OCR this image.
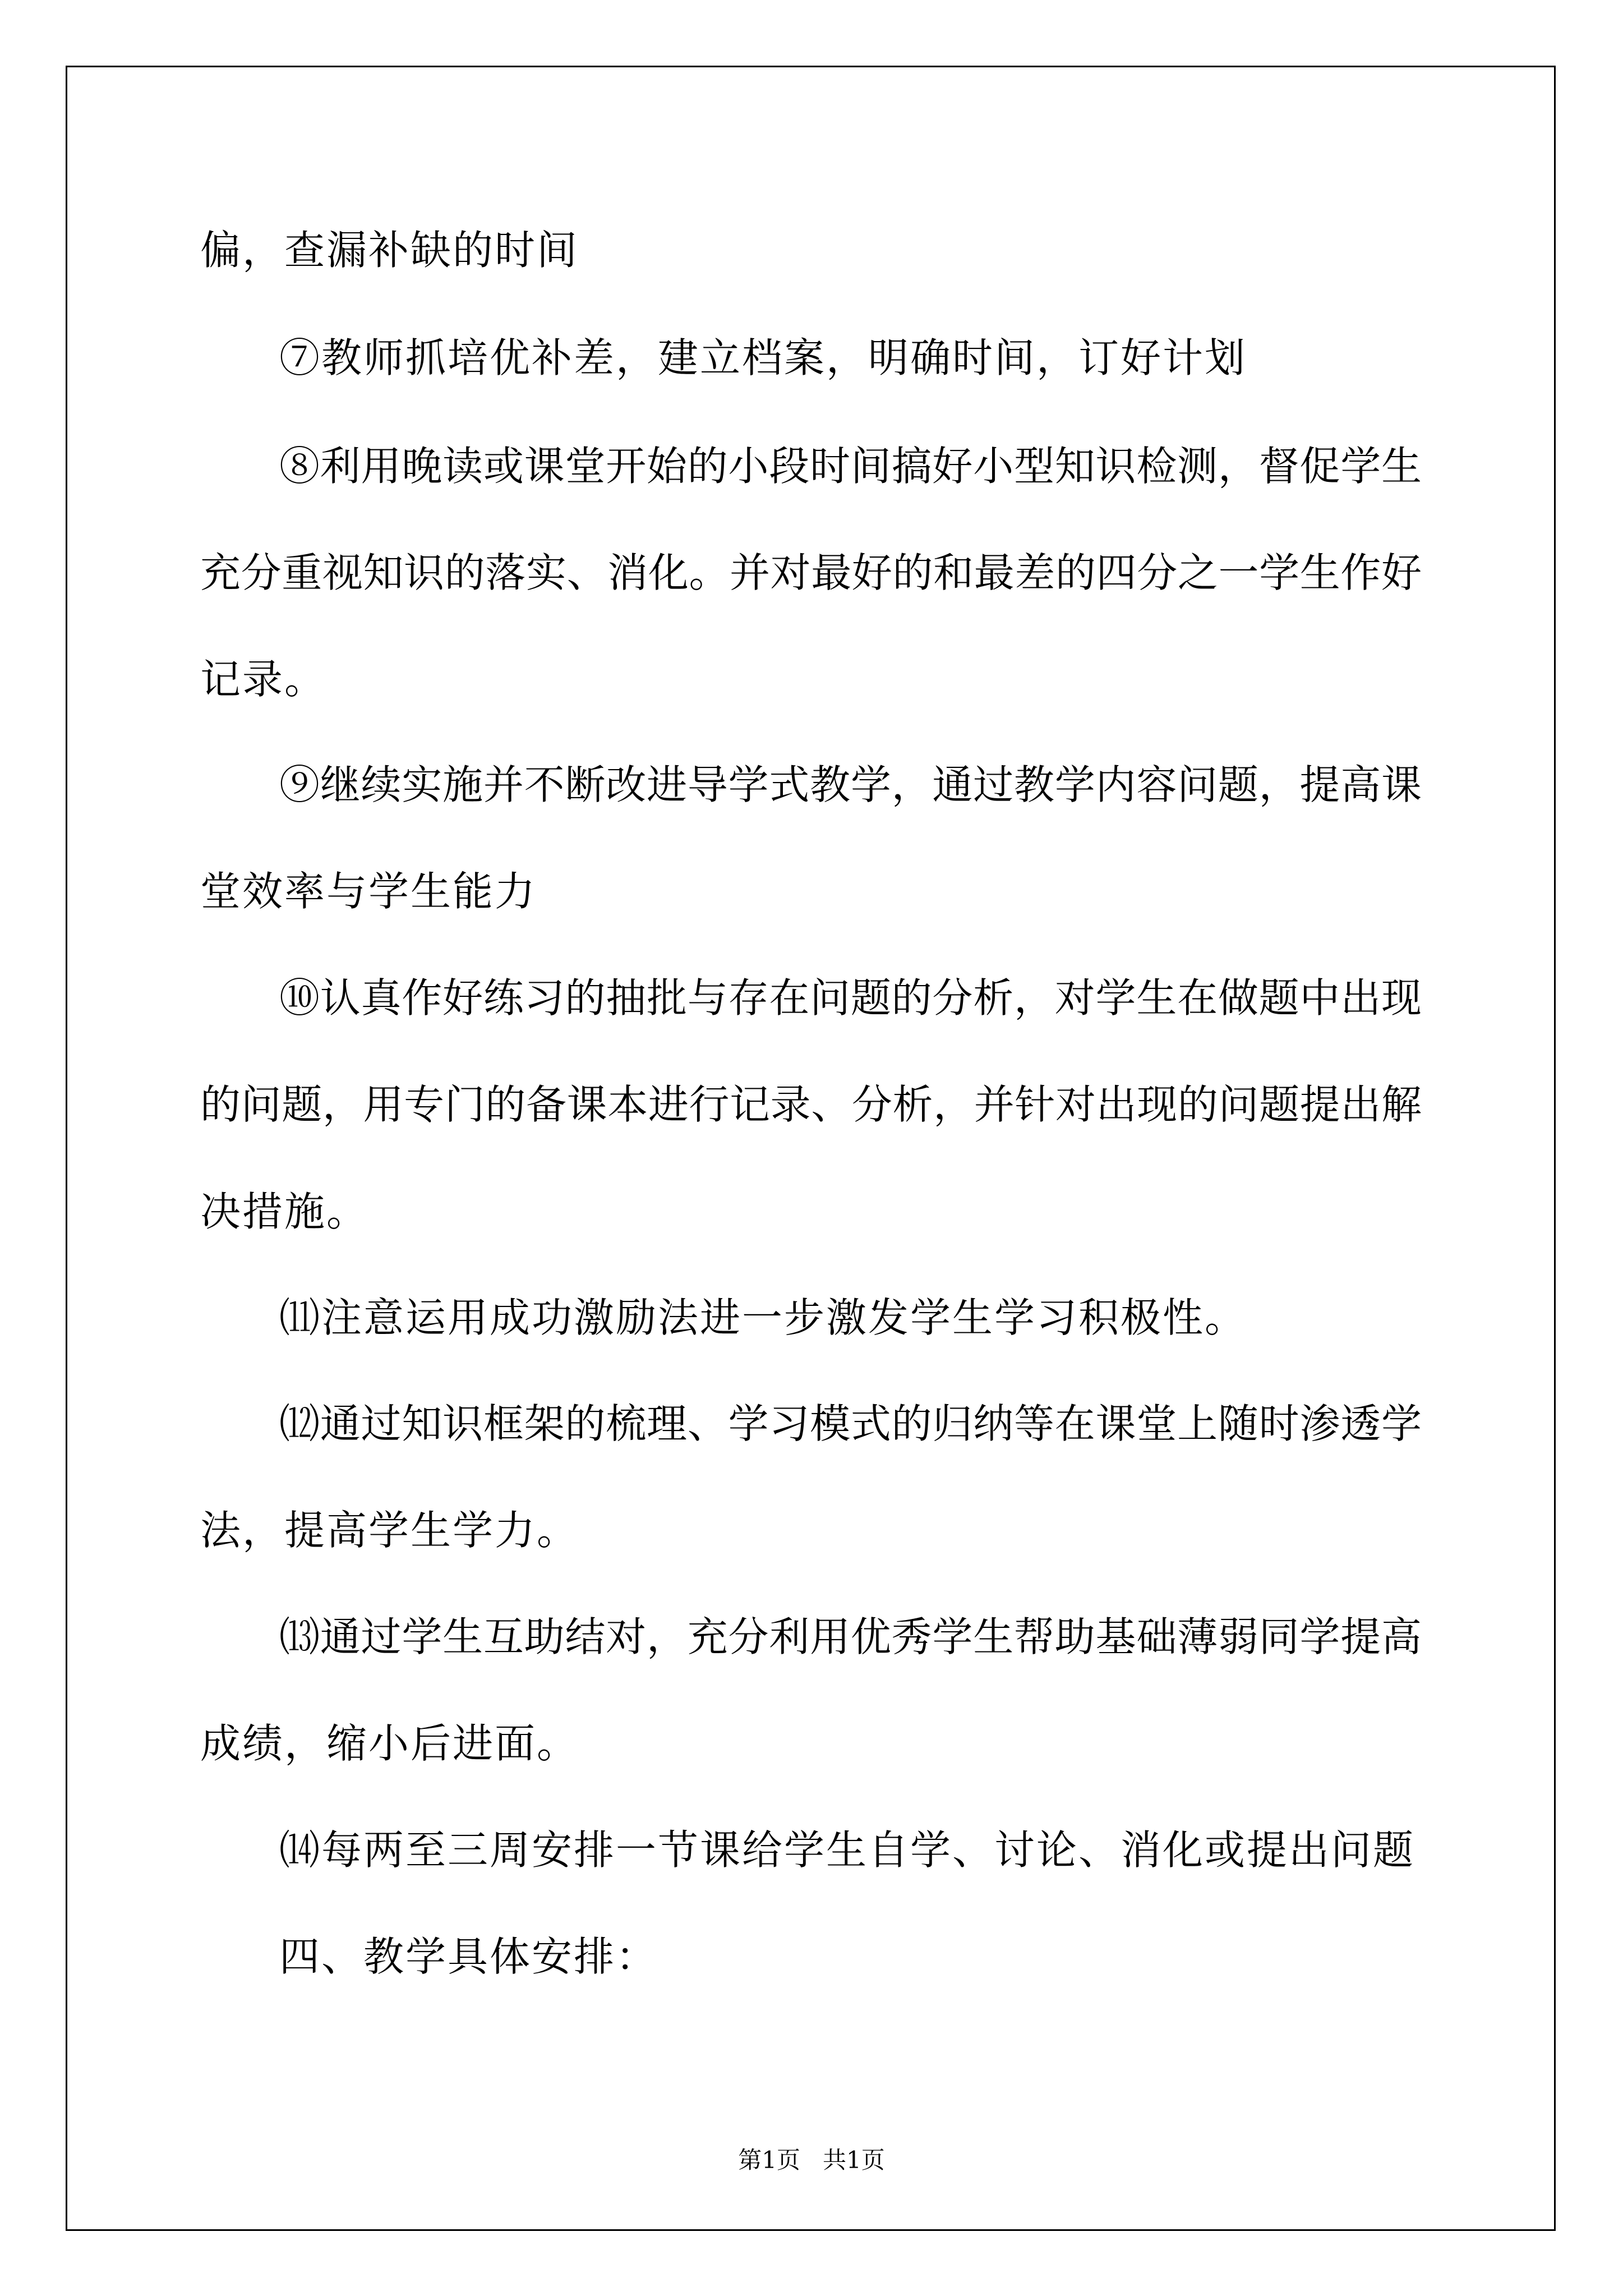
偏，查漏补缺的时间
⑦教师抓培优补差，建立档案，明确时间，订好计划
⑧利用晚读或课堂开始的小段时间搞好小型知识检测，督促学生
充分重视知识的落实、消化。并对最好的和最差的四分之一学生作好
记录。
⑨继续实施并不断改进导学式教学，通过教学内容问题，提高课
堂效率与学生能力
⑩认真作好练习的抽批与存在问题的分析，对学生在做题中出现
的问题，用专门的备课本进行记录、分析，并针对出现的问题提出解
决措施。
⑾注意运用成功激励法进一步激发学生学习积极性。
⑿通过知识框架的梳理、学习模式的归纳等在课堂上随时渗透学
法，提高学生学力。
⒀通过学生互助结对，充分利用优秀学生帮助基础薄弱同学提高
成绩，缩小后进面。
⒁每两至三周安排一节课给学生自学、讨论、消化或提出问题
四、教学具体安排：
第1页   共1页
